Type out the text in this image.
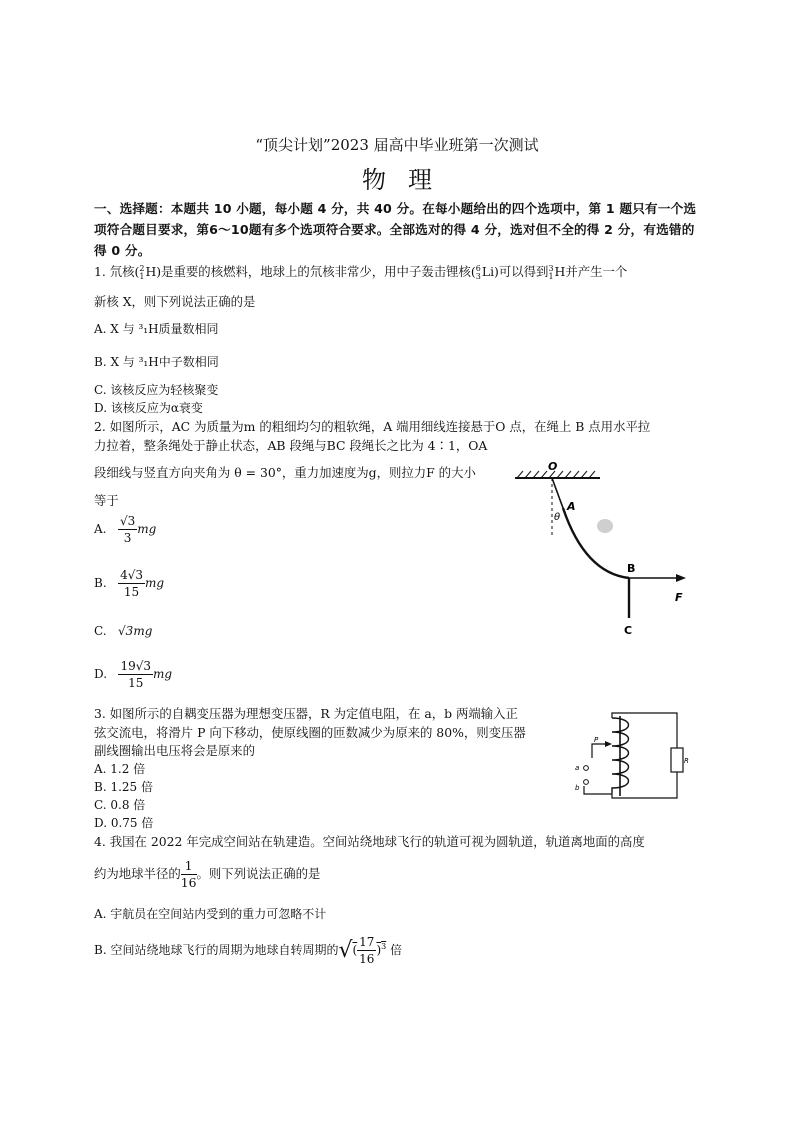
“顶尖计划”2023 届高中毕业班第一次测试
物理
一、选择题：本题共 10 小题，每小题 4 分，共 40 分。在每小题给出的四个选项中，第 1 题只有一个选项符合题目要求，第6～10题有多个选项符合要求。全部选对的得 4 分，选对但不全的得 2 分，有选错的得 0 分。
1. 氘核(2
1H)是重要的核燃料，地球上的氘核非常少，用中子轰击锂核(6
3Li)可以得到3
1H并产生一个
新核 X，则下列说法正确的是
A. X 与 ³₁H质量数相同
B. X 与 ³₁H中子数相同
C. 该核反应为轻核聚变
D. 该核反应为α衰变
2. 如图所示，AC 为质量为m 的粗细均匀的粗软绳，A 端用细线连接悬于O 点，在绳上 B 点用水平拉
力拉着，整条绳处于静止状态，AB 段绳与BC 段绳长之比为 4∶1，OA
段细线与竖直方向夹角为 θ = 30°，重力加速度为g，则拉力F 的大小
等于
A. $\frac{√3}{3}$ mg
B. $\frac{4√3}{15}$ mg
C. √3mg
D. $\frac{19√3}{15}$ mg
O
θ
A
B
F
C
3. 如图所示的自耦变压器为理想变压器，R 为定值电阻，在 a，b 两端输入正
弦交流电，将滑片 P 向下移动，使原线圈的匝数减少为原来的 80%，则变压器
副线圈输出电压将会是原来的
A. 1.2 倍
B. 1.25 倍
C. 0.8 倍
D. 0.75 倍
P
a
b
R
4. 我国在 2022 年完成空间站在轨建造。空间站绕地球飞行的轨道可视为圆轨道，轨道离地面的高度
约为地球半径的 $\frac{1}{16}$ 。则下列说法正确的是
A. 宇航员在空间站内受到的重力可忽略不计
B. 空间站绕地球飞行的周期为地球自转周期的√( $\frac{17}{16} )^3$ 倍
